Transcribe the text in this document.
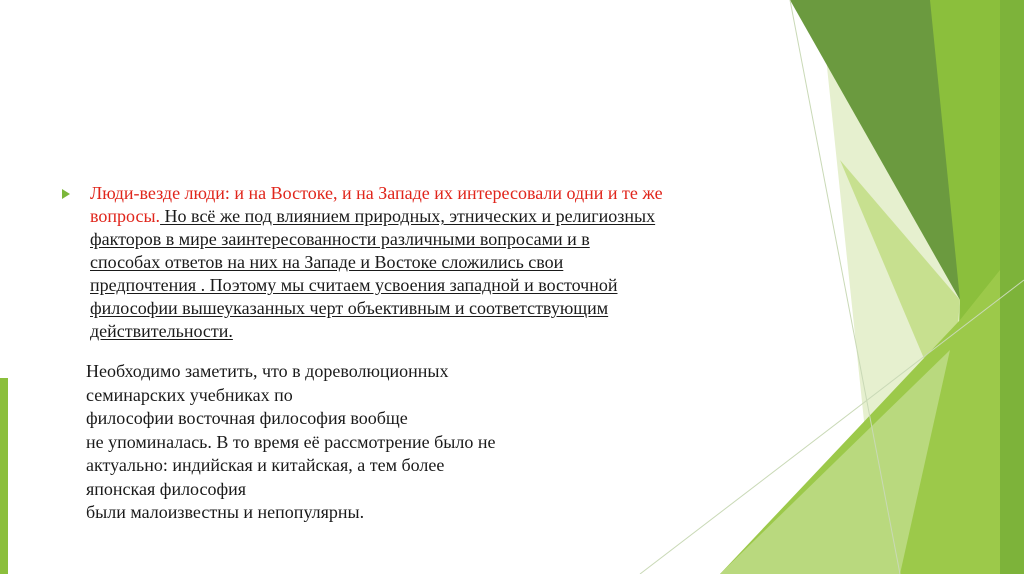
Люди-везде люди: и на Востоке, и на Западе их интересовали одни и те же
вопросы. Но всё же под влиянием природных, этнических и религиозных
факторов в мире заинтересованности различными вопросами и в
способах ответов на них на Западе и Востоке сложились свои
предпочтения . Поэтому мы считаем усвоения западной и восточной
философии вышеуказанных черт объективным и соответствующим
действительности.
Необходимо заметить, что в дореволюционных
семинарских учебниках по
философии восточная философия вообще
не упоминалась. В то время её рассмотрение было не
актуально: индийская и китайская, а тем более
японская философия
были малоизвестны и непопулярны.
